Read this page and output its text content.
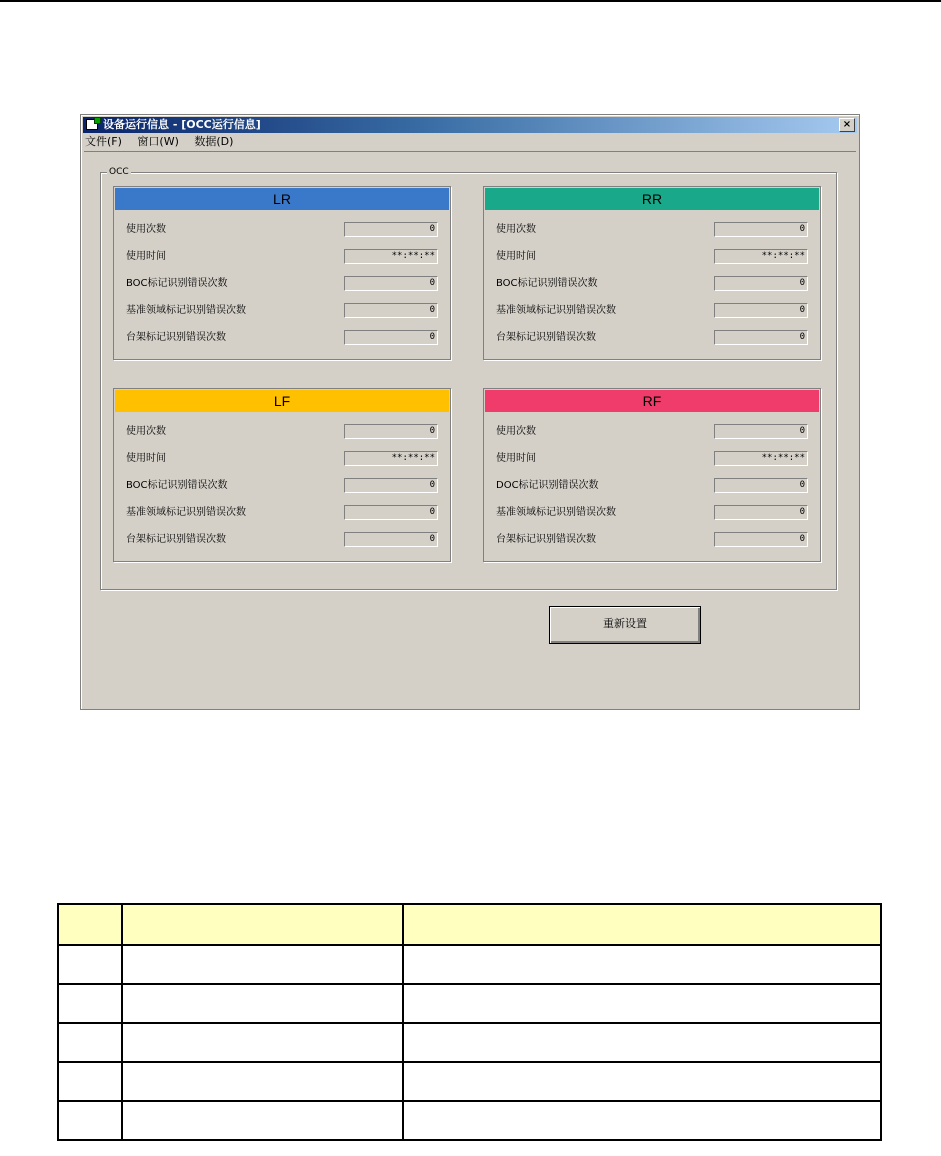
设备运行信息 - [OCC运行信息]	×
文件(F) 窗口(W) 数据(D)
OCC
LR
使用次数	0
使用时间	**:**:**
BOC标记识别错误次数	0
基准领域标记识别错误次数	0
台架标记识别错误次数	0
RR
使用次数	0
使用时间	**:**:**
BOC标记识别错误次数	0
基准领域标记识别错误次数	0
台架标记识别错误次数	0
LF
使用次数	0
使用时间	**:**:**
BOC标记识别错误次数	0
基准领域标记识别错误次数	0
台架标记识别错误次数	0
RF
使用次数	0
使用时间	**:**:**
DOC标记识别错误次数	0
基准领域标记识别错误次数	0
台架标记识别错误次数	0
重新设置
